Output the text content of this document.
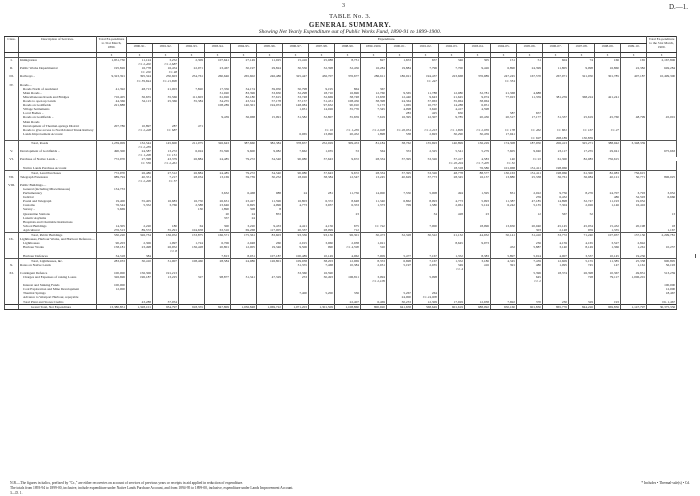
3	D.—1.
TABLE No. 3.
GENERAL SUMMARY.
Showing Net Yearly Expenditure out of Public Works Fund, 1890-91 to 1899-1900.
Class.	Description of Services.	Total Ex-penditure to 31st March, 1890.	Expenditure.																				Total Ex-penditure to the 31st March, 1900.	
			1890-91.	1891-92.	1892-93.	1893-94.	1894-95.	1895-96.	1896-97.	1897-98.	1898-99.	1899-1900.	1900-01.	1901-02.	1902-03.	1903-04.	1904-05.	1905-06.	1906-07.	1907-08.	1908-09.	1909-10.		
		£	£	£	£	£	£	£	£	£	£	£	£	£	£	£	£	£	£	£	£	£	£	
I.	Immigration	1,951,730	11,124	3,252	2,309	107,641	27,149	11,025	15,416	25,088	8,731	827	1,653	657	346	305	151	51	604	74	166	165	2,167,806	
			Cr. 2,402	Cr. 2,687																				
II.	Public Works Departmental	195,826	16,778	16,454	22,971	23,467	30,197	29,824	30,556	32,398	32,456	16,284	19,884	7,796	7,700	9,426	6,890	24,399	11,805	9,098	16,860	22,382	649,284	
			Cr. 202	Cr. 48																				
III.	Railways ..	9,323,391	395,324	250,603	254,761	260,646	265,602	246,486	325,447	436,707	376,677	286,611	186,021	194,437	223,668	376,989	247,245	167,570	267,971	321,050	301,785	407,187	10,499,300	
			Cr. 39,844	Cr. 21,890										Cr. 447			Cr. 334							
IV.	Roads—																							
	Roads North of Auckland	41,392	48,713	21,003	7,820	17,356	34,174	39,950	50,798	9,195	864	367												
	Main Roads ..					31,020	83,396	33,650	32,298	18,710	16,696	12,760	9,565	11,788	12,080	32,781	21,368	4,688						
	Miscellaneous Roads and Bridges	716,405	36,655	35,566	111,603	61,926	82,180	37,615	33,748	32,669	38,748	13,658	12,440	9,643	21,645	9,074	77,023	11,359	381,259	368,224	421,241			
	Roads to open up Lands	44,366	32,113	25,366	35,384	34,255	43,514	57,178	37,157	51,431	108,456	38,398	24,364	37,963	35,964	38,964								
	Roads on Goldfields	221,888				108,289	140,301	194,053	148,084	97,632	90,910	5,173	1,065	10,757	14,288	6,951								
	Village Settlements								1,931	14,026	35,776	7,345	4,098	3,620	4,417	4,598								
	Local Bodies ..												283	425	650		587	657						
	Roads on Goldfields ..					9,439	36,968	15,991	31,582	32,807	35,659	7,619	16,395	12,307	9,785	20,436	20,517	17,177	31,337	25,619	45,760	48,799	45,001	
	Main Roads																							
	Development of Thermal-springs District	207,786	10,897	287	471																			
	Roads to give access to North Island Trunk Railway		Cr. 2,428	Cr. 687						Cr. 10	Cr. 1,459	Cr. 2,028	Cr. 26,054	Cr. 2,413	Cr. 1,899	Cr. 2,059	Cr. 178	Cr. 462	Cr. 861	Cr. 167	Cr. 27			
	Lands Improvement Account								6,065	13,990	20,452	1,898	538	2,693	30,290	30,459	17,941							
																		Cr. 697	208,189	130,839				
	Total, Roads	1,239,009	132,544	145,600	211,075	326,643	387,660	382,384	378,657	252,029	309,453	81,184	38,762	135,693	140,899	136,229	174,308	187,950	206,413	325,271	388,942	3,348,339		
			Cr. 2,439																					
V.	Development of Goldfields ..	490,300	24,587	13,272	6,024	35,596	9,600	9,082	7,662	1,035	53	564	353	2,325	5,541	5,279	7,605	9,940	23,117	17,255	29,041		675,663	
			Cr. 1,490	Cr. 151																				
VI.	Purchase of Native Lands ..	772,970	27,398	43,379	26,884	24,485	79,272	34,540	90,080	37,643	9,672	28,334	37,395	53,326	37,417	4,583	140	Cr. 91	61,300	82,083	756,615			
			Cr. 556	Cr. 2,461											Cr. 20,494	Cr. 7,405	Cr. 32							
	Native Lands Purchase Account														18,318	76,586	101,968	151,411	198,966					
	Total, Land Purchases	772,970	26,486	27,512	26,884	24,485	79,272	34,540	90,080	37,643	9,672	28,334	37,395	53,326	48,778	88,577	130,163	151,411	198,966	61,300	82,083	756,615		
VII.	Telegraph Extension	989,794	40,351	7,217	28,034	13,169	59,739	30,252	18,026	38,384	12,547	13,245	40,629	37,773	28,345	16,137	13,880	25,338	36,761	36,084	40,121	50,771	896,025	
			Cr. 2,490	Cr. 57																				
VIII.	Public Buildings—																							
	General (including Miscellaneous)	134,733																						
	Parliamentary					3,632	6,468	988	24	281	11,756	14,000	7,550	5,008	494	1,595	831	2,022	9,756	8,276	24,707	3,793	3,952	
	Judicial																	259	6,432		486	32,593	6,666	
	Postal and Telegraph	19,400	55,405	16,683	16,750	26,631	23,427	11,596	16,803	6,372	8,648	11,340	6,862	8,993	4,773	5,993	11,387	47,185	14,898	32,747	11,193	19,952		
	Customs	76,544	5,352	3,766	2,588	23,646	6,695	4,996	4,773	3,937	6,353	1,373	709	1,580	2,061	5,124	6,242	5,135	7,304	2,026	1,146	16,416		
	Survey ..	5,669			130	1,890	308	8																
	Quarantine Stations					20	24	853			23			34	428	23		12	567	52			13	
	Lunatic Asylums					357	24																	
	Hospitals and Charitable Institutions																							
	School Buildings	14,305	2,220	180	64	300	3,220	9,433	4,421	4,156	675	Cr. 742		7,000		18,996	13,650	20,040	45,145	45,054	15,432	20,198	18	
	Agricultural	276,513	89,572	35,291	104,658	63,516	69,268	117,005	20,337	28,099	712							303	2,148	959	1,335		1,167	
	Total, Public Buildings	530,220	326,734	136,052	153,875	166,571	175,361	83,603	93,336	93,136	96,301	30,473	32,328	30,522	21,132	44,932	50,141	31,410	33,772	71,240	107,937	137,156	2,299,781	
IX.	Lighthouses, Harbour Works, and Harbour Defences—																							
	Lighthouses	90,203	2,306	1,997	1,724	6,706	2,948	260	2,015	3,960	2,938	1,021			8,645	9,973		236	4,159	4,165	3,527	2,842		
	Harbour Works	158,181	23,498	26,952	136,428	20,801	12,005	19,346	9,506	990	Cr. 4,590	310					452	5,887	3,140	8,149	1,366	1,261	10,237	
				Cr. 8																				
	Harbour Defences	34,318	384			7,813	8,031	107,187	100,489	10,149	4,962	7,009	5,477	7,167	1,352	8,383	5,897	5,914	4,907	3,537	10,145	19,236		
	Total, Lighthouses, &c.	283,033	30,410	31,907	108,460	28,584	24,986	126,801	109,938	38,203	12,969	8,353	6,698	7,167	1,352	3,186	4,345	7,439	12,609	5,155	11,385	25,338	900,895	
X.	Rates on Native Lands								31,355	7,468	10,384	2,031	5,197	2,035	349	416	391	480	1,095	745	147	1,161	56,193	
															Cr. 4									
XI.	Contingent Defence	100,000	156,306	191,213					33,360	16,590								5,396	18,374	26,398	10,367	49,831	513,259	
	Charges and Expenses of raising Loans	326,696	196,187	13,225	327	98,877	31,341	47,329	253	30,493	106,811	3,094		5,098				645		728	79,117	1,006,201		
												Cr. 2,109						Cr. 2						
	Interest and Sinking Funds	100,000																					100,000	
	Coal Exploration and Mine Development	12,000																					12,000	
	Thermal Springs								7,400	5,200	336		5,267	264									18,467	
	Advance to Westport Harbour, repayable												24,000	Cr. 24,000										
	Total Plant and Stores Credits		43,288	37,054							22,407	6,469	30,233	12,309	17,929	12,938	7,692	370	230	329	193		Dr. 1,467	
	Grand Total, Net Expenditure	13,380,851	1,328,101	934,797	918,355	847,809	1,036,848	1,069,722	1,071,203	1,301,509	1,108,860	800,920	641,658	568,649	601,619	688,092	650,160	601,830	865,776	844,226	969,836	1,147,797	30,375,336	
N.B.—The figures in italics, prefixed by "Cr.," are either recoveries on account of services of previous years or receipts in aid applied in reduction of expenditure.
The totals from 1893-94 to 1899-00, inclusive, include expenditure under Native Lands Purchase Account, and from 1894-95 to 1899-00, inclusive, expenditure under Lands Improvement Account.
* Includes • Thermal-sale(s) • Cd.
3—D. 1.
